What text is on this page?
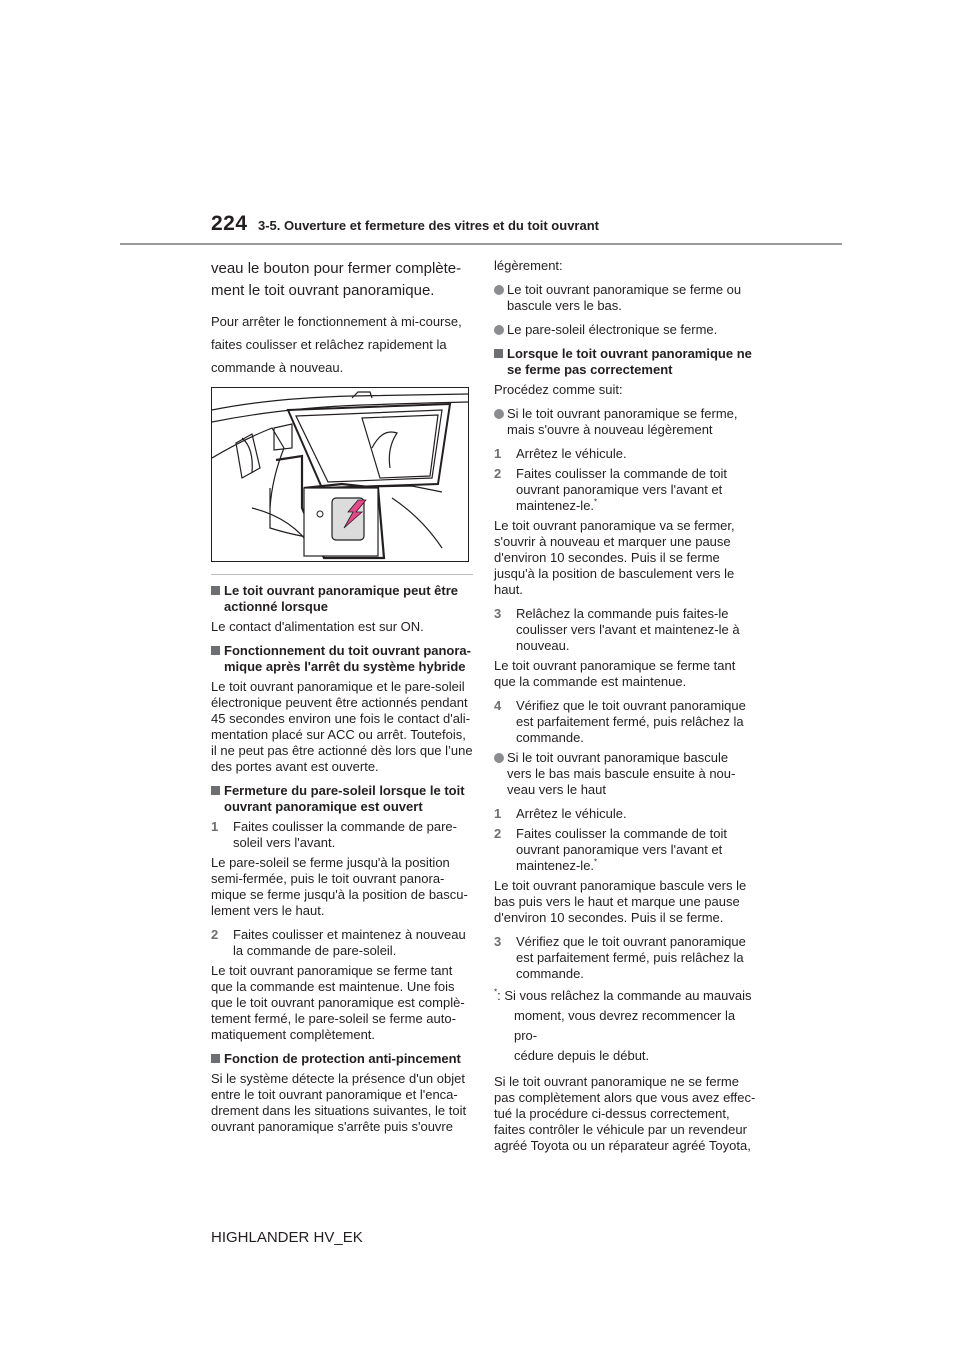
224 3-5. Ouverture et fermeture des vitres et du toit ouvrant
veau le bouton pour fermer complète-
ment le toit ouvrant panoramique.

Pour arrêter le fonctionnement à mi-course, faites coulisser et relâchez rapidement la commande à nouveau.

Le toit ouvrant panoramique peut être actionné lorsque

Le contact d'alimentation est sur ON.

Fonctionnement du toit ouvrant panora-mique après l'arrêt du système hybride

Le toit ouvrant panoramique et le pare-soleil électronique peuvent être actionnés pendant 45 secondes environ une fois le contact d'ali-mentation placé sur ACC ou arrêt. Toutefois, il ne peut pas être actionné dès lors que l’une des portes avant est ouverte.

Fermeture du pare-soleil lorsque le toit ouvrant panoramique est ouvert
1 Faites coulisser la commande de pare-soleil vers l'avant.

Le pare-soleil se ferme jusqu'à la position semi-fermée, puis le toit ouvrant panora-mique se ferme jusqu'à la position de bascu-lement vers le haut.

2 Faites coulisser et maintenez à nouveau la commande de pare-soleil.

Le toit ouvrant panoramique se ferme tant que la commande est maintenue. Une fois que le toit ouvrant panoramique est complè-tement fermé, le pare-soleil se ferme auto-matiquement complètement.

Fonction de protection anti-pincement

Si le système détecte la présence d'un objet entre le toit ouvrant panoramique et l'enca-drement dans les situations suivantes, le toit ouvrant panoramique s'arrête puis s'ouvre

légèrement:

Le toit ouvrant panoramique se ferme ou bascule vers le bas.
Le pare-soleil électronique se ferme.
Lorsque le toit ouvrant panoramique ne se ferme pas correctement

Procédez comme suit:

Si le toit ouvrant panoramique se ferme, mais s'ouvre à nouveau légèrement
1 Arrêtez le véhicule.
2 Faites coulisser la commande de toit ouvrant panoramique vers l'avant et maintenez-le.*

Le toit ouvrant panoramique va se fermer, s'ouvrir à nouveau et marquer une pause d'environ 10 secondes. Puis il se ferme jusqu'à la position de basculement vers le haut.

3 Relâchez la commande puis faites-le coulisser vers l'avant et maintenez-le à nouveau.

Le toit ouvrant panoramique se ferme tant que la commande est maintenue.

4 Vérifiez que le toit ouvrant panoramique est parfaitement fermé, puis relâchez la commande.
Si le toit ouvrant panoramique bascule vers le bas mais bascule ensuite à nou-veau vers le haut
1 Arrêtez le véhicule.
2 Faites coulisser la commande de toit ouvrant panoramique vers l'avant et maintenez-le.*

Le toit ouvrant panoramique bascule vers le bas puis vers le haut et marque une pause d'environ 10 secondes. Puis il se ferme.

3 Vérifiez que le toit ouvrant panoramique est parfaitement fermé, puis relâchez la commande.
*: Si vous relâchez la commande au mauvais
moment, vous devrez recommencer la pro-
cédure depuis le début.

Si le toit ouvrant panoramique ne se ferme pas complètement alors que vous avez effec-tué la procédure ci-dessus correctement, faites contrôler le véhicule par un revendeur agréé Toyota ou un réparateur agréé Toyota,

HIGHLANDER HV_EK
